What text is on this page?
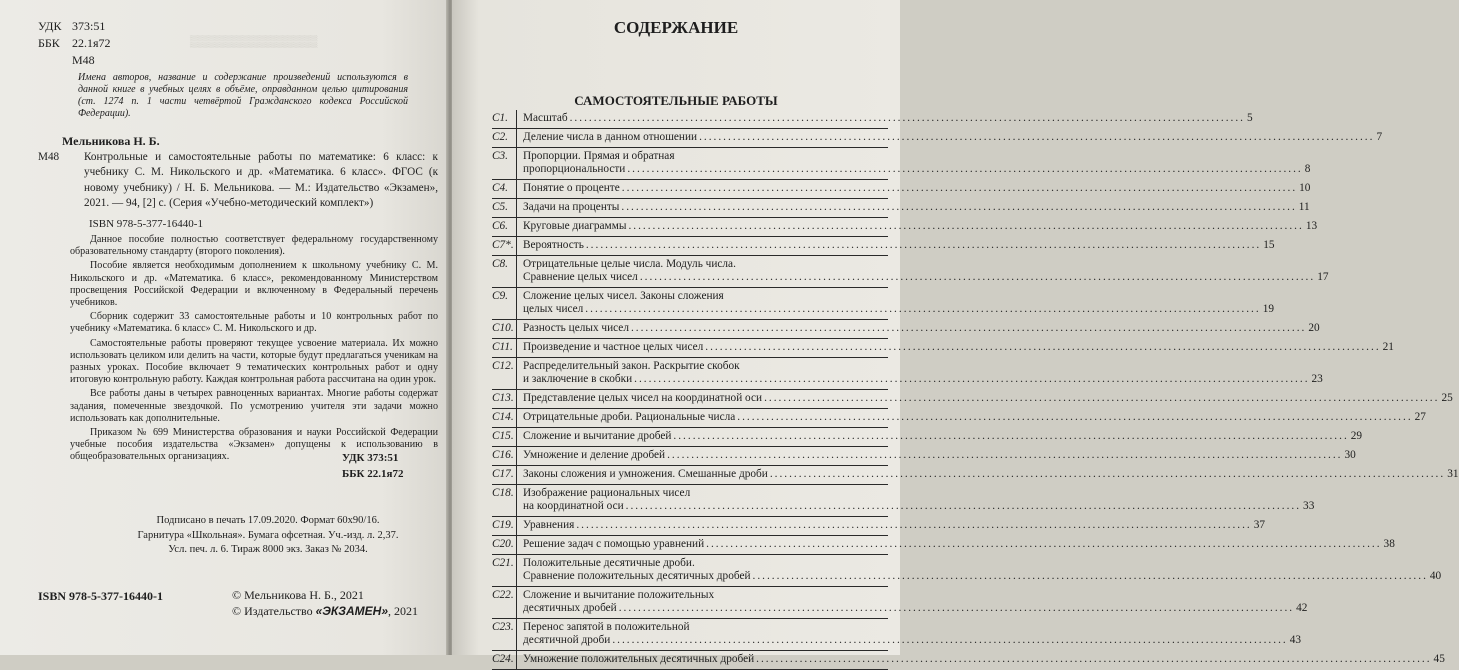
▒▒▒▒▒▒▒▒▒▒▒▒▒▒▒
УДК 373:51
ББК	22.1я72
M48
Имена авторов, название и содержание произведений используются в данной книге в учебных целях в объёме, оправданном целью цитирования (ст. 1274 п. 1 части четвёртой Гражданского кодекса Российской Федерации).
Мельникова Н. Б.
M48 Контрольные и самостоятельные работы по математике: 6 класс: к учебнику С. М. Никольского и др. «Математика. 6 класс». ФГОС (к новому учебнику) / Н. Б. Мельникова. — М.: Издательство «Экзамен», 2021. — 94, [2] с. (Серия «Учебно-методический комплект»)
ISBN 978-5-377-16440-1

Данное пособие полностью соответствует федеральному государственному образовательному стандарту (второго поколения).

Пособие является необходимым дополнением к школьному учебнику С. М. Никольского и др. «Математика. 6 класс», рекомендованному Министерством просвещения Российской Федерации и включенному в Федеральный перечень учебников.

Сборник содержит 33 самостоятельные работы и 10 контрольных работ по учебнику «Математика. 6 класс» С. М. Никольского и др.

Самостоятельные работы проверяют текущее усвоение материала. Их можно использовать целиком или делить на части, которые будут предлагаться ученикам на разных уроках. Пособие включает 9 тематических контрольных работ и одну итоговую контрольную работу. Каждая контрольная работа рассчитана на один урок.

Все работы даны в четырех равноценных вариантах. Многие работы содержат задания, помеченные звездочкой. По усмотрению учителя эти задачи можно использовать как дополнительные.

Приказом № 699 Министерства образования и науки Российской Федерации учебные пособия издательства «Экзамен» допущены к использованию в общеобразовательных организациях.	УДК 373:51
ББК 22.1я72
Подписано в печать 17.09.2020. Формат 60x90/16.
Гарнитура «Школьная». Бумага офсетная. Уч.-изд. л. 2,37.
Усл. печ. л. 6. Тираж 8000 экз. Заказ № 2034.
ISBN 978-5-377-16440-1	© Мельникова Н. Б., 2021
© Издательство «ЭКЗАМЕН», 2021
СОДЕРЖАНИЕ
САМОСТОЯТЕЛЬНЫЕ РАБОТЫ
С1. Масштаб .....	5
С2. Деление числа в данном отношении .....	7
С3. Пропорции. Прямая и обратная
пропорциональности .....	8
С4. Понятие о проценте .....	10
С5. Задачи на проценты .....	11
С6. Круговые диаграммы .....	13
С7*. Вероятность .....	15
С8. Отрицательные целые числа. Модуль числа.
Сравнение целых чисел .....	17
С9. Сложение целых чисел. Законы сложения
целых чисел .....	19
С10. Разность целых чисел .....	20
С11. Произведение и частное целых чисел .....	21
С12. Распределительный закон. Раскрытие скобок
и заключение в скобки .....	23
С13. Представление целых чисел на координатной оси .....	25
С14. Отрицательные дроби. Рациональные числа .....	27
С15. Сложение и вычитание дробей .....	29
С16. Умножение и деление дробей .....	30
С17. Законы сложения и умножения. Смешанные дроби .....	31
С18. Изображение рациональных чисел
на координатной оси .....	33
С19. Уравнения .....	37
С20. Решение задач с помощью уравнений .....	38
С21. Положительные десятичные дроби.
Сравнение положительных десятичных дробей .....	40
С22. Сложение и вычитание положительных
десятичных дробей .....	42
С23. Перенос запятой в положительной
десятичной дроби .....	43
С24. Умножение положительных десятичных дробей .....	45
